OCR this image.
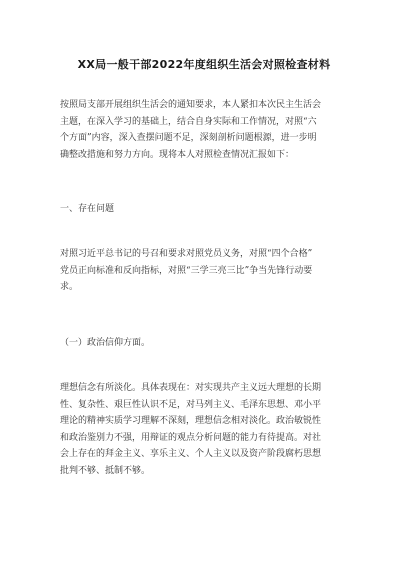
XX局一般干部2022年度组织生活会对照检查材料

按照局支部开展组织生活会的通知要求，本人紧扣本次民主生活会
主题，在深入学习的基础上，结合自身实际和工作情况，对照“六
个方面”内容，深入查摆问题不足，深刻剖析问题根源，进一步明
确整改措施和努力方向。现将本人对照检查情况汇报如下：

一、存在问题

对照习近平总书记的号召和要求对照党员义务，对照“四个合格”
党员正向标准和反向指标，对照“三学三亮三比”争当先锋行动要
求。

（一）政治信仰方面。

理想信念有所淡化。具体表现在：对实现共产主义远大理想的长期
性、复杂性、艰巨性认识不足，对马列主义、毛泽东思想、邓小平
理论的精神实质学习理解不深刻，理想信念相对淡化。政治敏锐性
和政治鉴别力不强，用辩证的观点分析问题的能力有待提高。对社
会上存在的拜金主义、享乐主义、个人主义以及资产阶段腐朽思想
批判不够、抵制不够。
